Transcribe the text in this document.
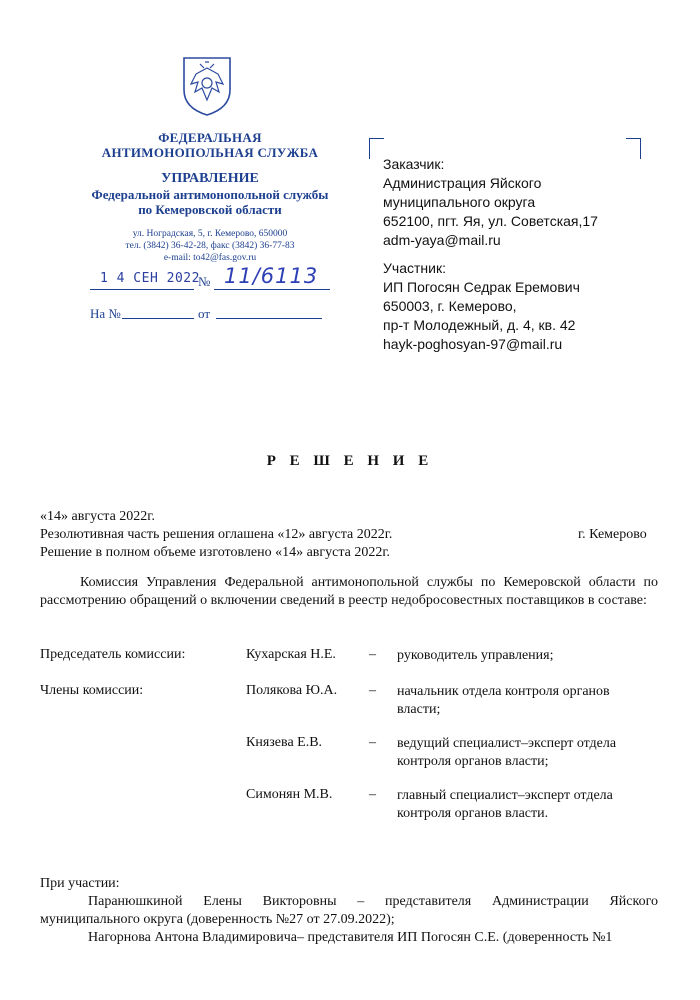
ФЕДЕРАЛЬНАЯ
АНТИМОНОПОЛЬНАЯ СЛУЖБА
УПРАВЛЕНИЕ
Федеральной антимонопольной службы
по Кемеровской области
ул. Ноградская, 5, г. Кемерово, 650000
тел. (3842) 36-42-28, факс (3842) 36-77-83
e-mail: to42@fas.gov.ru
1 4 СЕН 2022
№ 11/6113
На №	от
Заказчик:
Администрация Яйского
муниципального округа
652100, пгт. Яя, ул. Советская,17
adm-yaya@mail.ru
Участник:
ИП Погосян Седрак Еремович
650003, г. Кемерово,
пр-т Молодежный, д. 4, кв. 42
hayk-poghosyan-97@mail.ru
Р Е Ш Е Н И Е
«14» августа 2022г.
Резолютивная часть решения оглашена «12» августа 2022г.	г. Кемерово
Решение в полном объеме изготовлено «14» августа 2022г.
Комиссия Управления Федеральной антимонопольной службы по Кемеровской области по рассмотрению обращений о включении сведений в реестр недобросовестных поставщиков в составе:
Председатель комиссии:	Кухарская Н.Е. – руководитель управления;
Члены комиссии:	Полякова Ю.А. – начальник отдела контроля органов
власти;
Князева Е.В.	– ведущий специалист–эксперт отдела
контроля органов власти;
Симонян М.В.	– главный специалист–эксперт отдела
контроля органов власти.
При участии:
Паранюшкиной Елены Викторовны – представителя Администрации Яйского
муниципального округа (доверенность №27 от 27.09.2022);
Нагорнова Антона Владимировича– представителя ИП Погосян С.Е. (доверенность №1
